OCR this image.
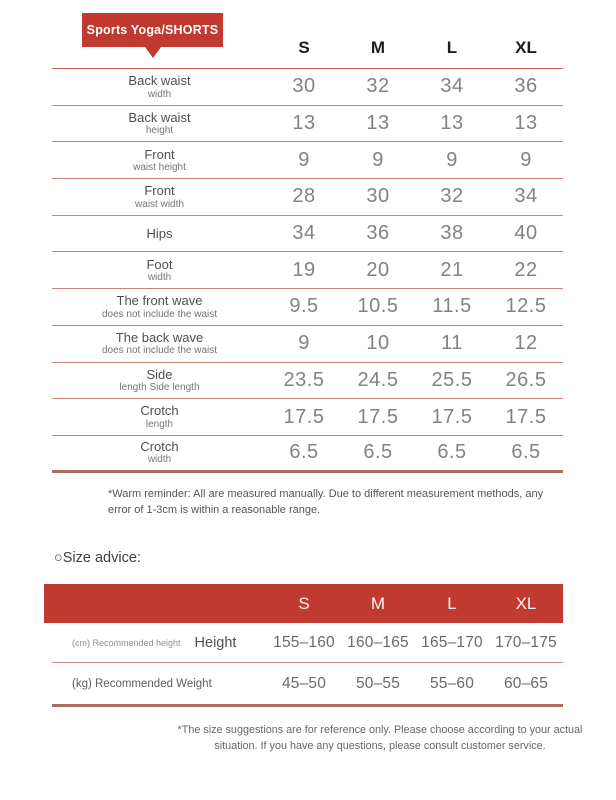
Sports Yoga/SHORTS
S	M	L	XL
Back waist
width	30	32	34	36
Back waist
height	13	13	13	13
Front
waist height	9	9	9	9
Front
waist width	28	30	32	34
Hips	34	36	38	40
Foot
width	19	20	21	22
The front wave
does not include the waist	9.5	10.5	11.5	12.5
The back wave
does not include the waist	9	10	11	12
Side
length Side length	23.5	24.5	25.5	26.5
Crotch
length	17.5	17.5	17.5	17.5
Crotch
width	6.5	6.5	6.5	6.5
*Warm reminder: All are measured manually. Due to different measurement methods, any error of 1-3cm is within a reasonable range.
○Size advice:
S	M	L	XL
(cm) Recommended height Height	155–160 160–165 165–170 170–175
(kg) Recommended Weight	45–50	50–55	55–60	60–65
*The size suggestions are for reference only. Please choose according to your actual situation. If you have any questions, please consult customer service.
